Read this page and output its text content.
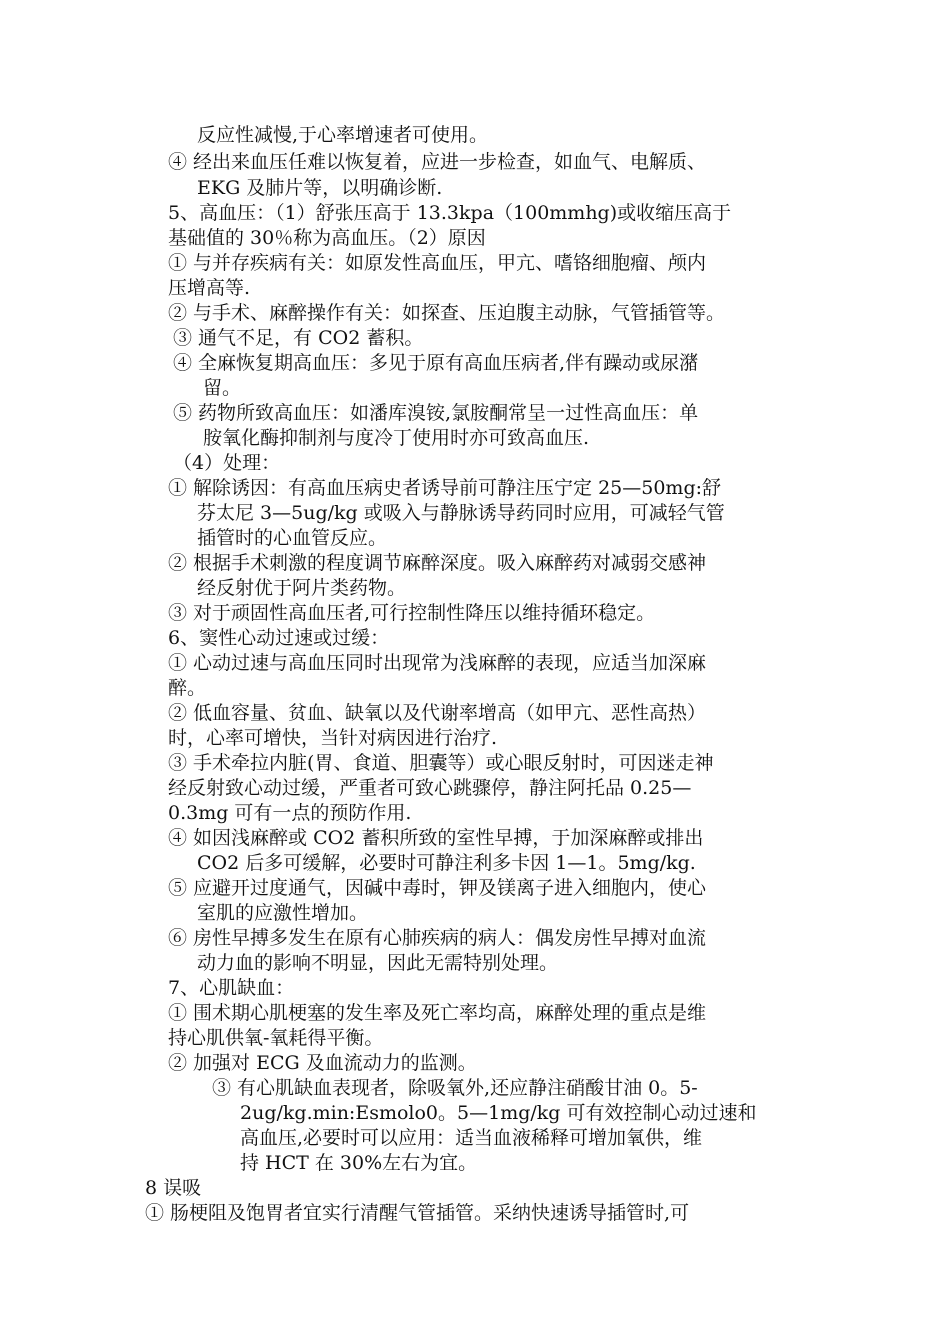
反应性减慢,于心率增速者可使用。
④ 经出来血压任难以恢复着，应进一步检查，如血气、电解质、
EKG 及肺片等，以明确诊断.
5、高血压：（1）舒张压高于 13.3kpa（100mmhg)或收缩压高于
基础值的 30％称为高血压。（2）原因
① 与并存疾病有关：如原发性高血压，甲亢、嗜铬细胞瘤、颅内
压增高等.
② 与手术、麻醉操作有关：如探查、压迫腹主动脉，气管插管等。
③ 通气不足，有 CO2 蓄积。
④ 全麻恢复期高血压：多见于原有高血压病者,伴有躁动或尿潴
留。
⑤ 药物所致高血压：如潘库溴铵,氯胺酮常呈一过性高血压：单
胺氧化酶抑制剂与度冷丁使用时亦可致高血压.
（4）处理：
① 解除诱因：有高血压病史者诱导前可静注压宁定 25—50mg:舒
芬太尼 3—5ug/kg 或吸入与静脉诱导药同时应用，可减轻气管
插管时的心血管反应。
② 根据手术刺激的程度调节麻醉深度。吸入麻醉药对减弱交感神
经反射优于阿片类药物。
③ 对于顽固性高血压者,可行控制性降压以维持循环稳定。
6、窦性心动过速或过缓：
① 心动过速与高血压同时出现常为浅麻醉的表现，应适当加深麻
醉。
② 低血容量、贫血、缺氧以及代谢率增高（如甲亢、恶性高热）
时，心率可增快，当针对病因进行治疗.
③ 手术牵拉内脏(胃、食道、胆囊等）或心眼反射时，可因迷走神
经反射致心动过缓，严重者可致心跳骤停，静注阿托品 0.25—
0.3mg 可有一点的预防作用.
④ 如因浅麻醉或 CO2 蓄积所致的室性早搏，于加深麻醉或排出
CO2 后多可缓解，必要时可静注利多卡因 1—1。5mg/kg.
⑤ 应避开过度通气，因碱中毒时，钾及镁离子进入细胞内，使心
室肌的应激性增加。
⑥ 房性早搏多发生在原有心肺疾病的病人：偶发房性早搏对血流
动力血的影响不明显，因此无需特别处理。
7、心肌缺血：
① 围术期心肌梗塞的发生率及死亡率均高，麻醉处理的重点是维
持心肌供氧-氧耗得平衡。
② 加强对 ECG 及血流动力的监测。
③ 有心肌缺血表现者，除吸氧外,还应静注硝酸甘油 0。5-
2ug/kg.min:Esmolo0。5—1mg/kg 可有效控制心动过速和
高血压,必要时可以应用：适当血液稀释可增加氧供，维
持 HCT 在 30%左右为宜。
8 误吸
① 肠梗阻及饱胃者宜实行清醒气管插管。采纳快速诱导插管时,可
